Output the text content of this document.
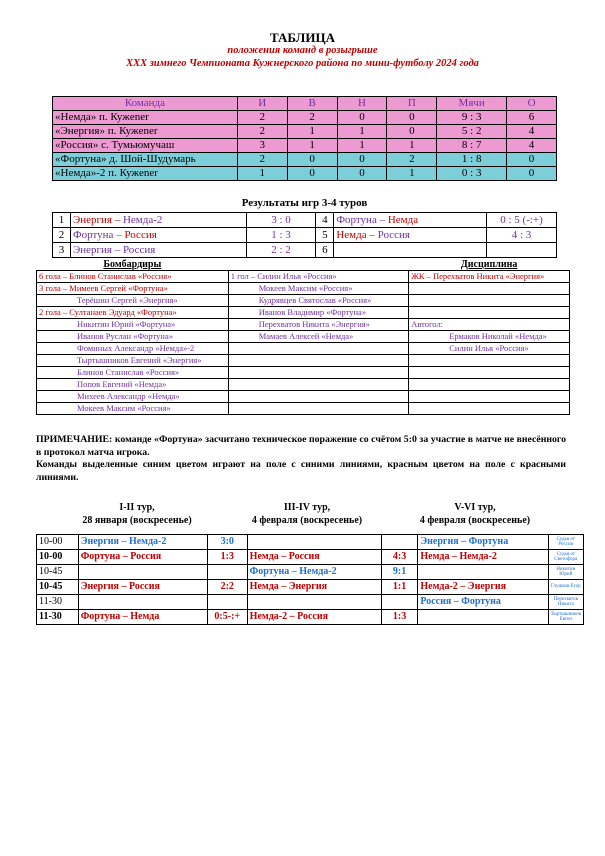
ТАБЛИЦА
положения команд в розыгрыше
XXX зимнего Чемпионата Кужнерского района по мини-футболу 2024 года
Команда	И	В	Н	П	Мячи	О
«Немда» п. Кужener	2	2	0	0	9 : 3	6
«Энергия» п. Кужener	2	1	1	0	5 : 2	4
«Россия» с. Тумьюмучаш	3	1	1	1	8 : 7	4
«Фортуна» д. Шой-Шудумарь	2	0	0	2	1 : 8	0
«Немда»-2 п. Кужener	1	0	0	1	0 : 3	0
Результаты игр 3-4 туров
1	Энергия – Немда-2	3 : 0	4	Фортуна – Немда	0 : 5 (-:+)
2	Фортуна – Россия	1 : 3	5	Немда – Россия	4 : 3
3	Энергия – Россия	2 : 2	6		
Бомбардиры		Дисциплина
6 гола – Блинов Станислав «Россия»	1 гол – Силин Илья «Россия»	ЖК – Перехватов Никита «Энергия»
3 гола – Мимеев Сергей «Фортуна»	Мокеев Максим «Россия»	
Терёшин Сергей «Энергия»	Кудрявцев Святослав «Россия»	
2 гола – Султанаев Эдуард «Фортуна»	Иванов Владимир «Фортуна»	
Никитин Юрий «Фортуна»	Перехватов Никита «Энергия»	Автогол:
Иванов Руслан «Фортуна»	Мамаев Алексей «Немда»	Ермаков Николай «Немда»
Фоминых Александр «Немда»-2		Силин Илья «Россия»
Тыртышников Евгений «Энергия»		
Блинов Станислав «Россия»		
Попов Евгений «Немда»		
Михеев Александр «Немда»		
Мокеев Максим «Россия»		
ПРИМЕЧАНИЕ: команде «Фортуна» засчитано техническое поражение со счётом 5:0 за участие в матче не внесённого в протокол матча игрока.
Команды выделенные синим цветом играют на поле с синими линиями, красным цветом на поле с красными линиями.
I-II тур,
28 января (воскресенье)
III-IV тур,
4 февраля (воскресенье)
V-VI тур,
4 февраля (воскресенье)
10-00	Энергия – Немда-2	3:0			Энергия – Фортуна	Судья от России
10-00	Фортуна – Россия	1:3	Немда – Россия	4:3	Немда – Немда-2	Судья от Светофора
10-45			Фортуна – Немда-2	9:1		Никитин Юрий
10-45	Энергия – Россия	2:2	Немда – Энергия	1:1	Немда-2 – Энергия	Глушков Егор
11-30					Россия – Фортуна	Перехватов Никита
11-30	Фортуна – Немда	0:5-:+	Немда-2 – Россия	1:3		Тыртышников Евген
